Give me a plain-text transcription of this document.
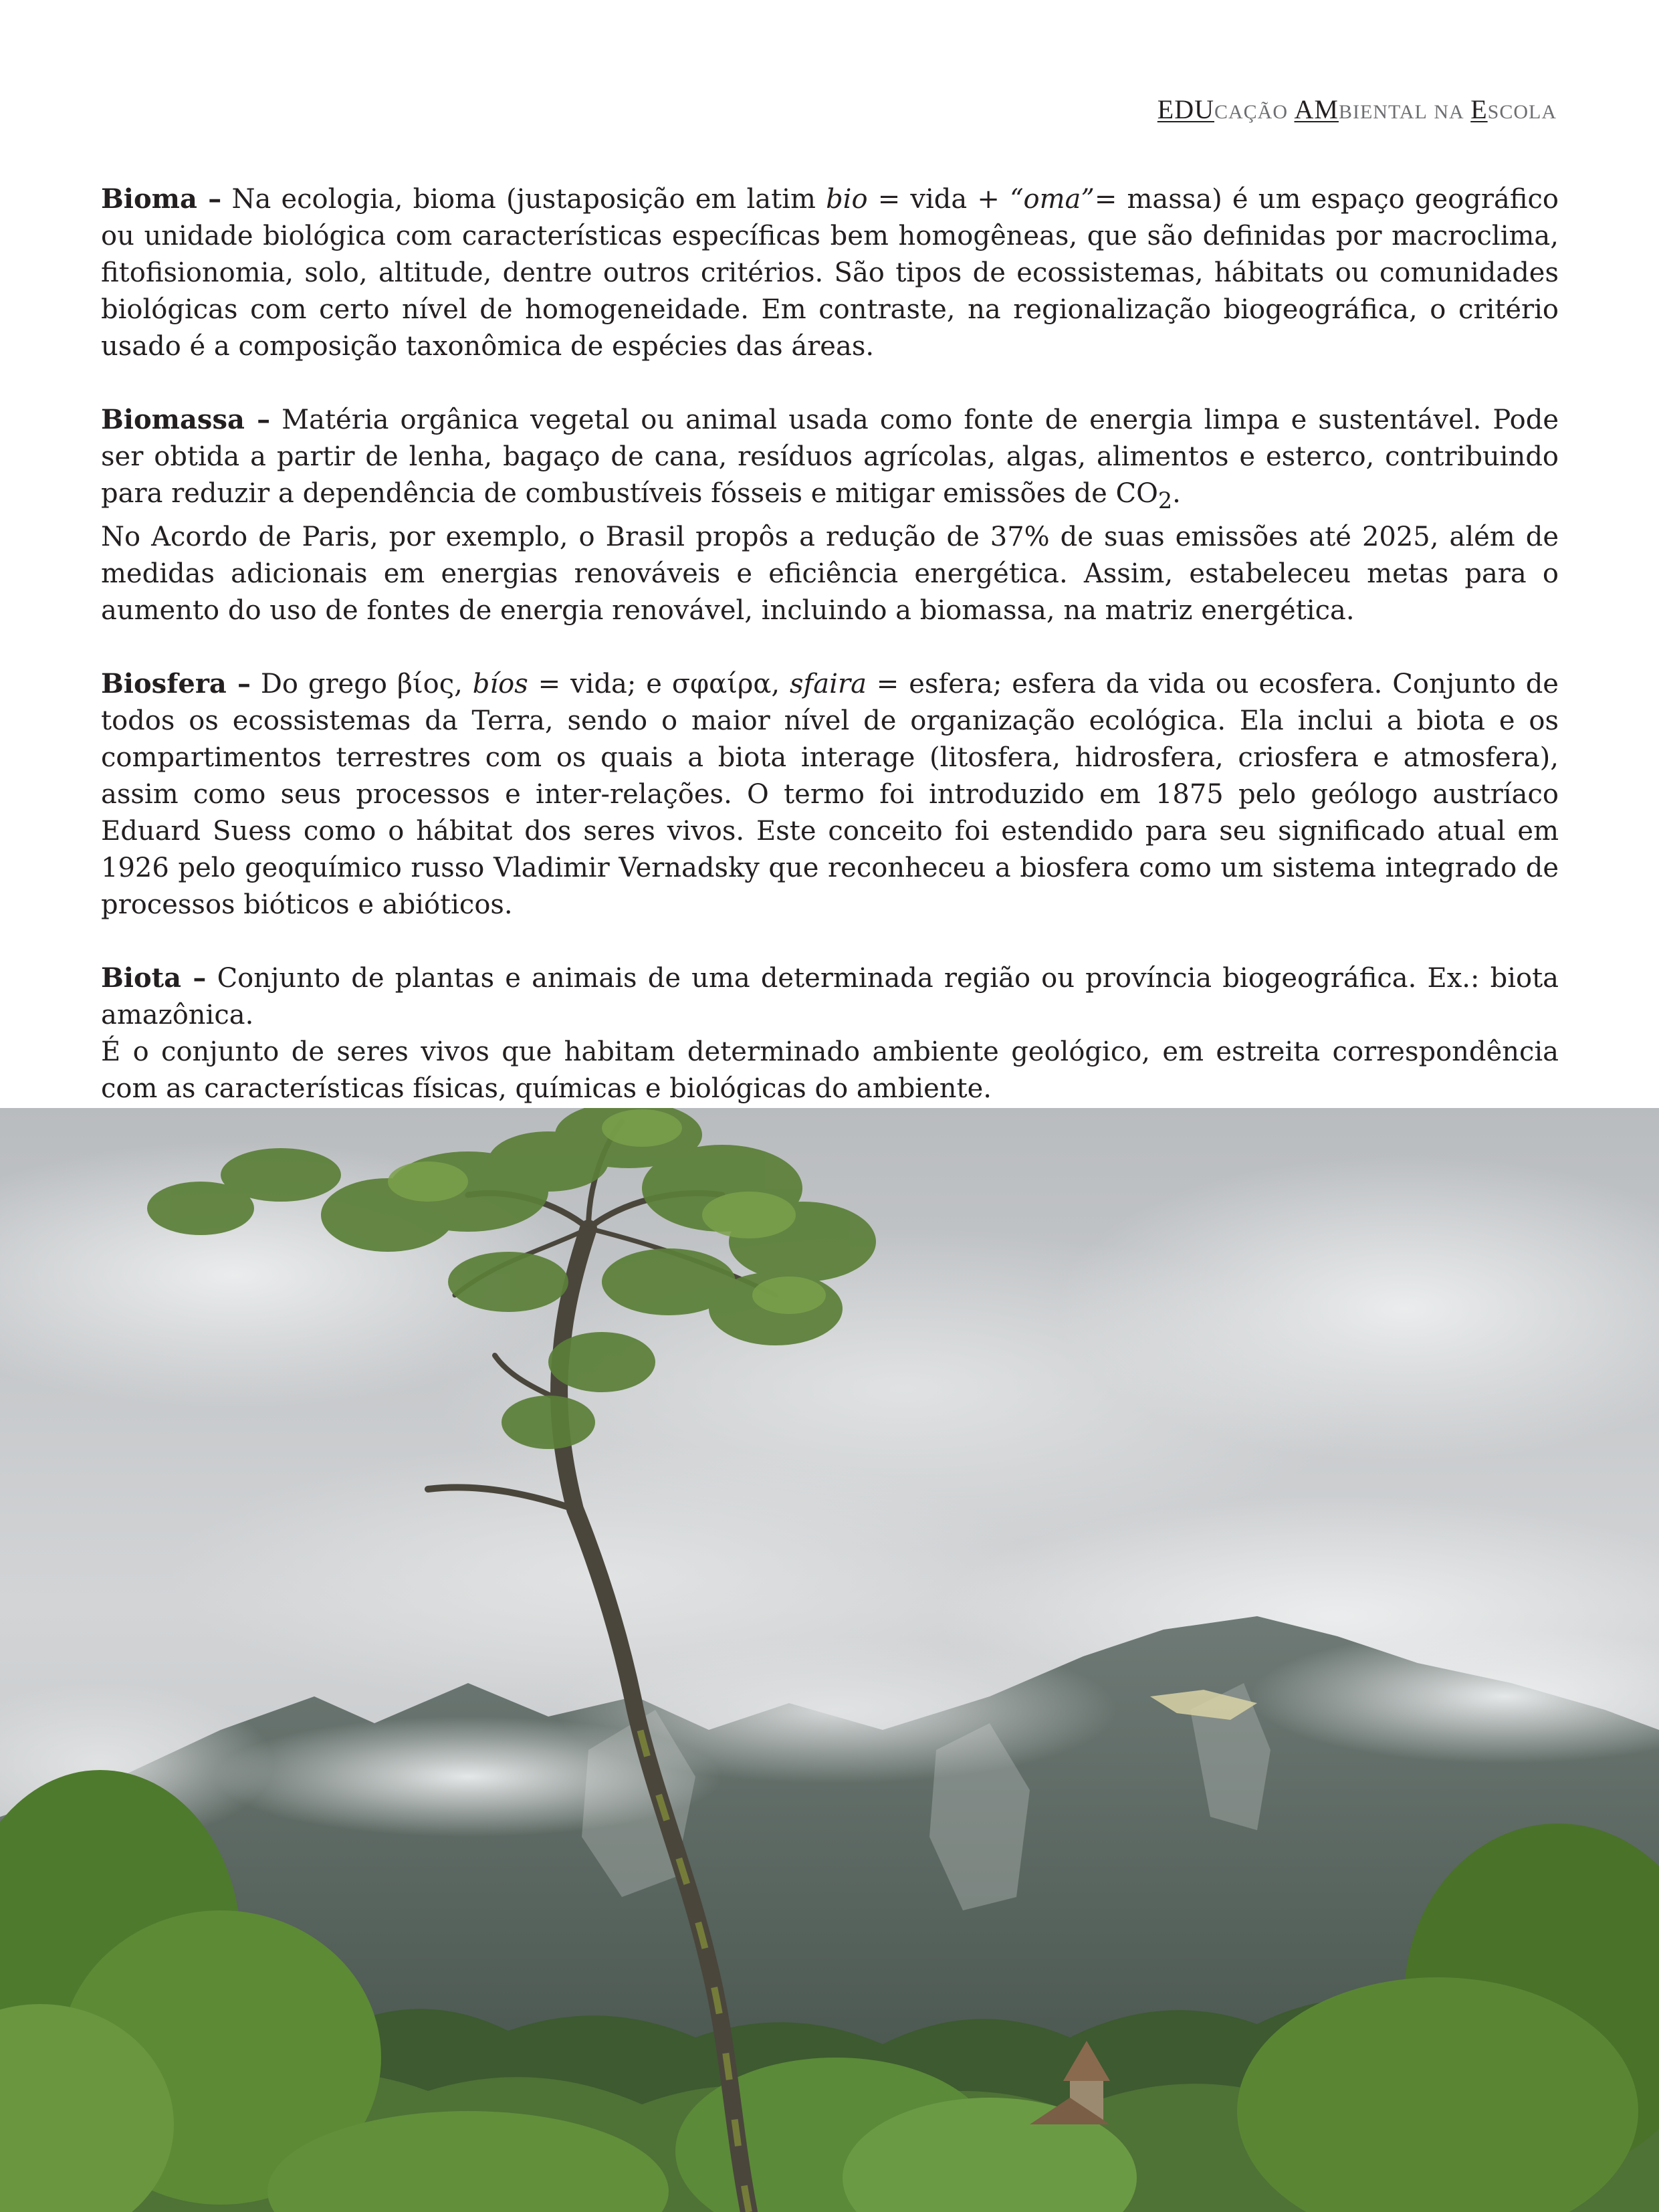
EDUCAÇÃO AMBIENTAL NA ESCOLA

Bioma – Na ecologia, bioma (justaposição em latim bio = vida + “oma”= massa) é um espaço geográfico ou unidade biológica com características específicas bem homogêneas, que são definidas por macroclima, fitofisionomia, solo, altitude, dentre outros critérios. São tipos de ecossistemas, hábitats ou comunidades biológicas com certo nível de homogeneidade. Em contraste, na regionalização biogeográfica, o critério usado é a composição taxonômica de espécies das áreas.

Biomassa – Matéria orgânica vegetal ou animal usada como fonte de energia limpa e sustentável. Pode ser obtida a partir de lenha, bagaço de cana, resíduos agrícolas, algas, alimentos e esterco, contribuindo para reduzir a dependência de combustíveis fósseis e mitigar emissões de $CO_2$.

No Acordo de Paris, por exemplo, o Brasil propôs a redução de 37% de suas emissões até 2025, além de medidas adicionais em energias renováveis e eficiência energética. Assim, estabeleceu metas para o aumento do uso de fontes de energia renovável, incluindo a biomassa, na matriz energética.

Biosfera – Do grego βίος, bíos = vida; e σφαίρα, sfaira = esfera; esfera da vida ou ecosfera. Conjunto de todos os ecossistemas da Terra, sendo o maior nível de organização ecológica. Ela inclui a biota e os compartimentos terrestres com os quais a biota interage (litosfera, hidrosfera, criosfera e atmosfera), assim como seus processos e inter-relações. O termo foi introduzido em 1875 pelo geólogo austríaco Eduard Suess como o hábitat dos seres vivos. Este conceito foi estendido para seu significado atual em 1926 pelo geoquímico russo Vladimir Vernadsky que reconheceu a biosfera como um sistema integrado de processos bióticos e abióticos.

Biota – Conjunto de plantas e animais de uma determinada região ou província biogeográfica. Ex.: biota amazônica.

É o conjunto de seres vivos que habitam determinado ambiente geológico, em estreita correspondência com as características físicas, químicas e biológicas do ambiente.
